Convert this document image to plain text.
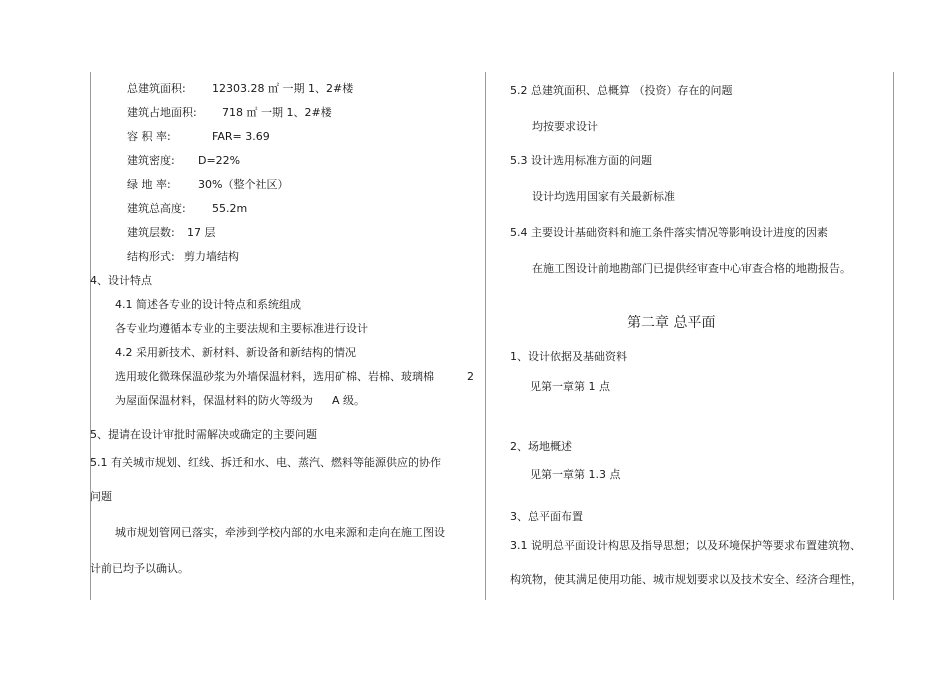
总建筑面积: 12303.28 ㎡ 一期 1、2#楼
建筑占地面积: 718 ㎡ 一期 1、2#楼
容 积 率:	FAR= 3.69
建筑密度: D=22%
绿 地 率: 30%（整个社区）
建筑总高度: 55.2m
建筑层数: 17 层
结构形式: 剪力墙结构
4、设计特点
4.1 简述各专业的设计特点和系统组成
各专业均遵循本专业的主要法规和主要标准进行设计
4.2 采用新技术、新材料、新设备和新结构的情况
选用玻化微珠保温砂浆为外墙保温材料，选用矿棉、岩棉、玻璃棉	2
为屋面保温材料，保温材料的防火等级为 A 级。
5、提请在设计审批时需解决或确定的主要问题
5.1 有关城市规划、红线、拆迁和水、电、蒸汽、燃料等能源供应的协作
问题
城市规划管网已落实，牵涉到学校内部的水电来源和走向在施工图设
计前已均予以确认。
5.2 总建筑面积、总概算 （投资）存在的问题
均按要求设计
5.3 设计选用标准方面的问题
设计均选用国家有关最新标准
5.4 主要设计基础资料和施工条件落实情况等影响设计进度的因素
在施工图设计前地勘部门已提供经审查中心审查合格的地勘报告。
第二章 总平面
1、设计依据及基础资料
见第一章第 1 点
2、场地概述
见第一章第 1.3 点
3、总平面布置
3.1 说明总平面设计构思及指导思想；以及环境保护等要求布置建筑物、
构筑物，使其满足使用功能、城市规划要求以及技术安全、经济合理性，
